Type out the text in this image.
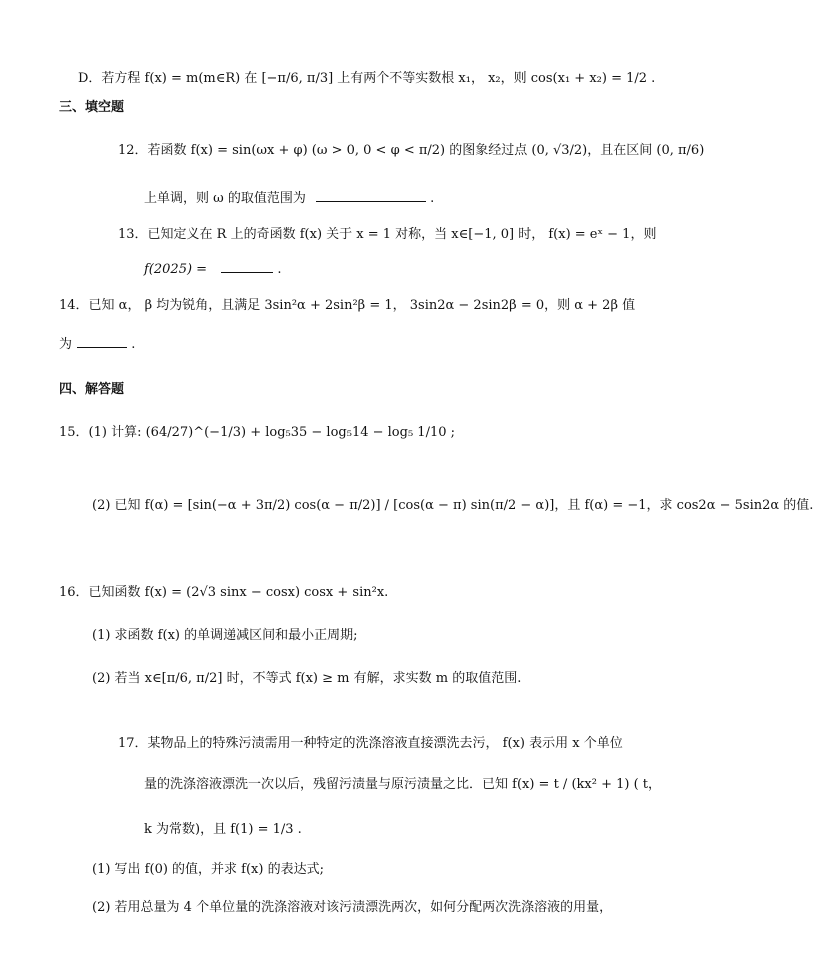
D．若方程 f(x) = m(m∈R) 在 [−π/6, π/3] 上有两个不等实数根 x₁， x₂，则 cos(x₁ + x₂) = 1/2 .
三、填空题
12．若函数 f(x) = sin(ωx + φ) (ω > 0, 0 < φ < π/2) 的图象经过点 (0, √3/2)，且在区间 (0, π/6)
上单调，则 ω 的取值范围为	.
13．已知定义在 R 上的奇函数 f(x) 关于 x = 1 对称，当 x∈[−1, 0] 时， f(x) = eˣ − 1，则
f(2025) =	.
14．已知 α， β 均为锐角，且满足 3sin²α + 2sin²β = 1， 3sin2α − 2sin2β = 0，则 α + 2β 值
为	.
四、解答题
15．(1) 计算: (64/27)^(−1/3) + log₅35 − log₅14 − log₅ 1/10 ;
(2) 已知 f(α) = [sin(−α + 3π/2) cos(α − π/2)] / [cos(α − π) sin(π/2 − α)]，且 f(α) = −1，求 cos2α − 5sin2α 的值.
16．已知函数 f(x) = (2√3 sinx − cosx) cosx + sin²x.
(1) 求函数 f(x) 的单调递减区间和最小正周期;
(2) 若当 x∈[π/6, π/2] 时，不等式 f(x) ≥ m 有解，求实数 m 的取值范围.
17．某物品上的特殊污渍需用一种特定的洗涤溶液直接漂洗去污， f(x) 表示用 x 个单位
量的洗涤溶液漂洗一次以后，残留污渍量与原污渍量之比．已知 f(x) = t / (kx² + 1) ( t，
k 为常数)，且 f(1) = 1/3 .
(1) 写出 f(0) 的值，并求 f(x) 的表达式;
(2) 若用总量为 4 个单位量的洗涤溶液对该污渍漂洗两次，如何分配两次洗涤溶液的用量，
